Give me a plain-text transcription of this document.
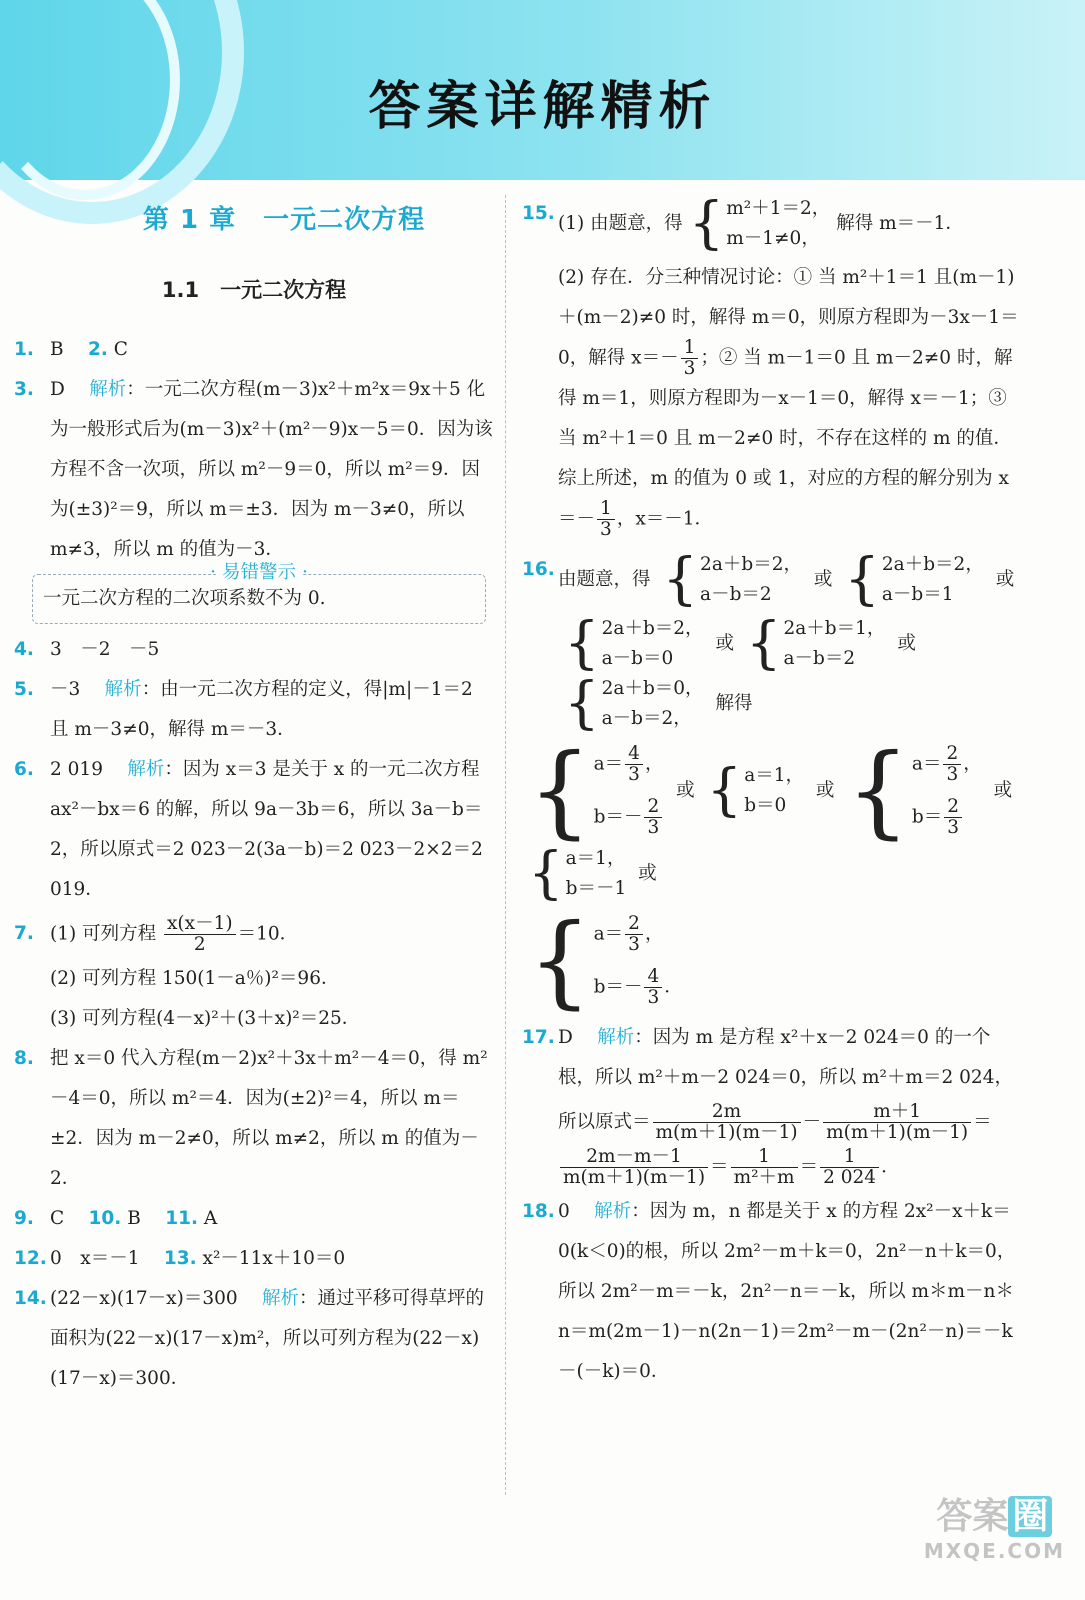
答案详解精析
第 1 章　一元二次方程
1.1　一元二次方程
1. B　 2. C
3. D　 解析：一元二次方程(m－3)x²＋m²x＝9x＋5 化为一般形式后为(m－3)x²＋(m²－9)x－5＝0．因为该方程不含一次项，所以 m²－9＝0，所以 m²＝9．因为(±3)²＝9，所以 m＝±3．因为 m－3≠0，所以 m≠3，所以 m 的值为－3．
· 易错警示 ·
一元二次方程的二次项系数不为 0.
4. 3　－2　－5
5. －3　 解析：由一元二次方程的定义，得|m|－1＝2 且 m－3≠0，解得 m＝－3．
6. 2 019　 解析：因为 x＝3 是关于 x 的一元二次方程 ax²－bx＝6 的解，所以 9a－3b＝6，所以 3a－b＝2，所以原式＝2 023－2(3a－b)＝2 023－2×2＝2 019．
7. (1) 可列方程 $\frac{x(x-1)}{2} =10$．
(2) 可列方程 150(1－a％)²＝96．
(3) 可列方程(4－x)²＋(3＋x)²＝25．
8. 把 x＝0 代入方程(m－2)x²＋3x＋m²－4＝0，得 m²－4＝0，所以 m²＝4．因为(±2)²＝4，所以 m＝±2．因为 m－2≠0，所以 m≠2，所以 m 的值为－2．
9. C　 10. B　 11. A
12. 0　x＝－1　 13. x²－11x＋10＝0
14. (22－x)(17－x)＝300　 解析：通过平移可得草坪的面积为(22－x)(17－x)m²，所以可列方程为(22－x)(17－x)＝300．
15. (1) 由题意，得 { m²＋1＝2，
m－1≠0，
解得 m＝－1．
(2) 存在．分三种情况讨论：① 当 m²＋1＝1 且(m－1)＋(m－2)≠0 时，解得 m＝0，则原方程即为－3x－1＝0，解得 $x=- \frac{1}{3}$ ；② 当 m－1＝0 且 m－2≠0 时，解得 m＝1，则原方程即为－x－1＝0，解得 x＝－1；③ 当 m²＋1＝0 且 m－2≠0 时，不存在这样的 m 的值．综上所述，m 的值为 0 或 1，对应的方程的解分别为 $x=- \frac{1}{3}$ ，x＝－1．
16. 由题意，得 { 2a＋b＝2，
a－b＝2
或 { 2a＋b＝2，
a－b＝1
或
{ 2a＋b＝2，
a－b＝0
或 { 2a＋b＝1，
a－b＝2
或
{ 2a＋b＝0，
a－b＝2，
解得
{ $a= \frac{4}{3}$ ，
$b=- \frac{2}{3}$
或 { a＝1，
b＝0
或 { $a= \frac{2}{3}$ ，
$b= \frac{2}{3}$
或
{ a＝1，
b＝－1
或
{ $a= \frac{2}{3}$ ，
$b=- \frac{4}{3}$ ．
17. D　 解析：因为 m 是方程 x²＋x－2 024＝0 的一个根，所以 m²＋m－2 024＝0，所以 m²＋m＝2 024，
所以原式＝ $\frac{2m}{m(m+1)(m-1)} - \frac{m+1}{m(m+1)(m-1)}$ ＝
$\frac{2m-m-1}{m(m+1)(m-1)} = \frac{1}{\text{m²＋m}} = \frac{1}{2 024}$ ．
18. 0　 解析：因为 m，n 都是关于 x 的方程 2x²－x＋k＝0(k＜0)的根，所以 2m²－m＋k＝0，2n²－n＋k＝0，所以 2m²－m＝－k，2n²－n＝－k，所以 m＊m－n＊n＝m(2m－1)－n(2n－1)＝2m²－m－(2n²－n)＝－k－(－k)＝0．
答案 圈
MXQE.COM
